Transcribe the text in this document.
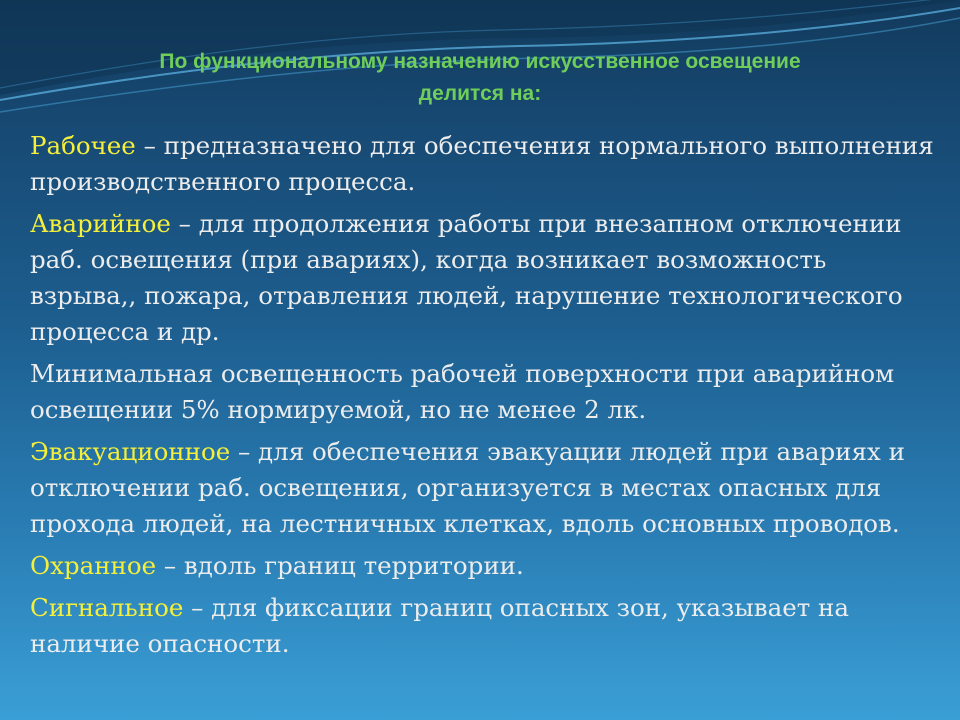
По функциональному назначению искусственное освещение
делится на:

Рабочее – предназначено для обеспечения нормального выполнения производственного процесса.

Аварийное – для продолжения работы при внезапном отключении раб. освещения (при авариях), когда возникает возможность взрыва,, пожара, отравления людей, нарушение технологического процесса и др.

Минимальная освещенность рабочей поверхности при аварийном освещении 5% нормируемой, но не менее 2 лк.

Эвакуационное – для обеспечения эвакуации людей при авариях и отключении раб. освещения, организуется в местах опасных для прохода людей, на лестничных клетках, вдоль основных проводов.

Охранное – вдоль границ территории.

Сигнальное – для фиксации границ опасных зон, указывает на наличие опасности.
